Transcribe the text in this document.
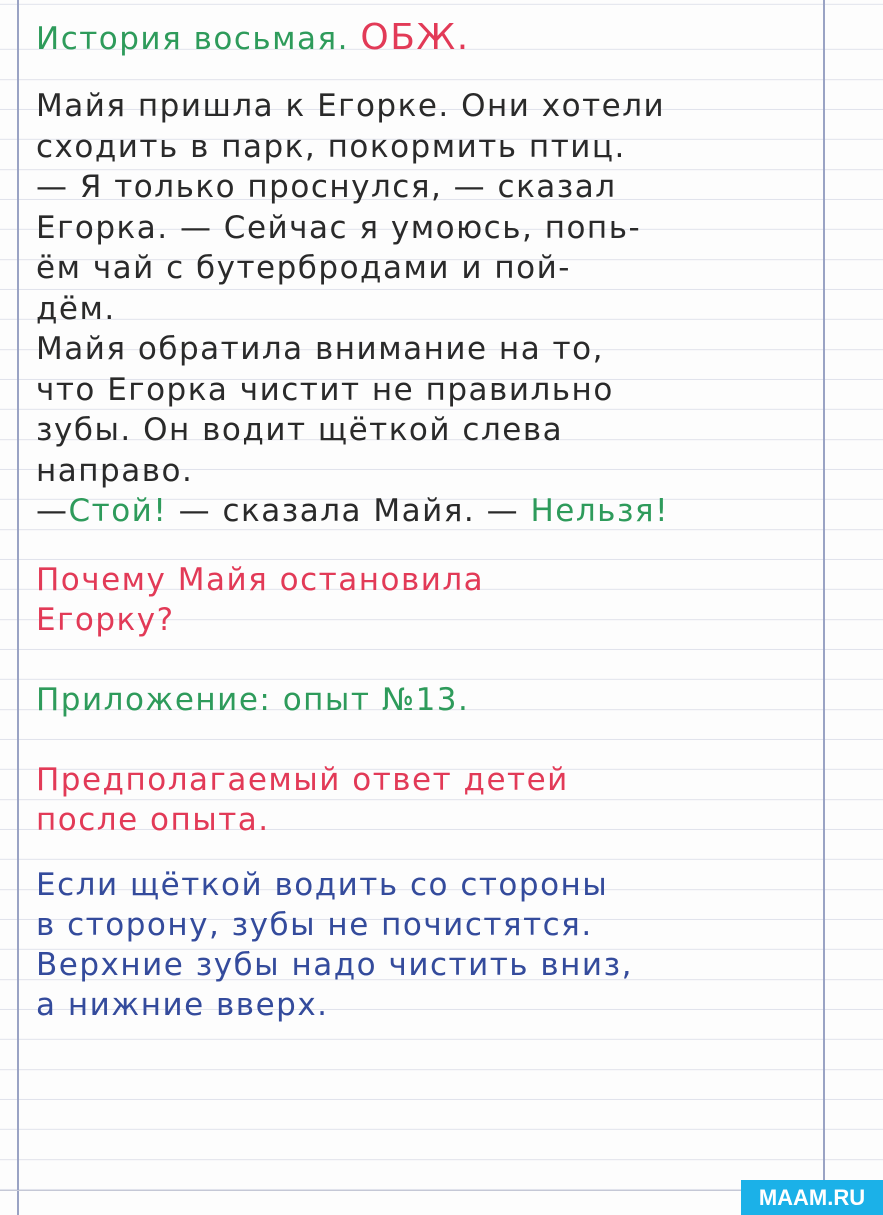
История восьмая. ОБЖ.
Майя пришла к Егорке. Они хотели
сходить в парк, покормить птиц.
— Я только проснулся, — сказал
Егорка. — Сейчас я умоюсь, попь-
ём чай с бутербродами и пой-
дём.
Майя обратила внимание на то,
что Егорка чистит не правильно
зубы. Он водит щёткой слева
направо.
—Стой! — сказала Майя. — Нельзя!
Почему Майя остановила
Егорку?
Приложение: опыт №13.
Предполагаемый ответ детей
после опыта.
Если щёткой водить со стороны
в сторону, зубы не почистятся.
Верхние зубы надо чистить вниз,
а нижние вверх.
MAAM.RU
